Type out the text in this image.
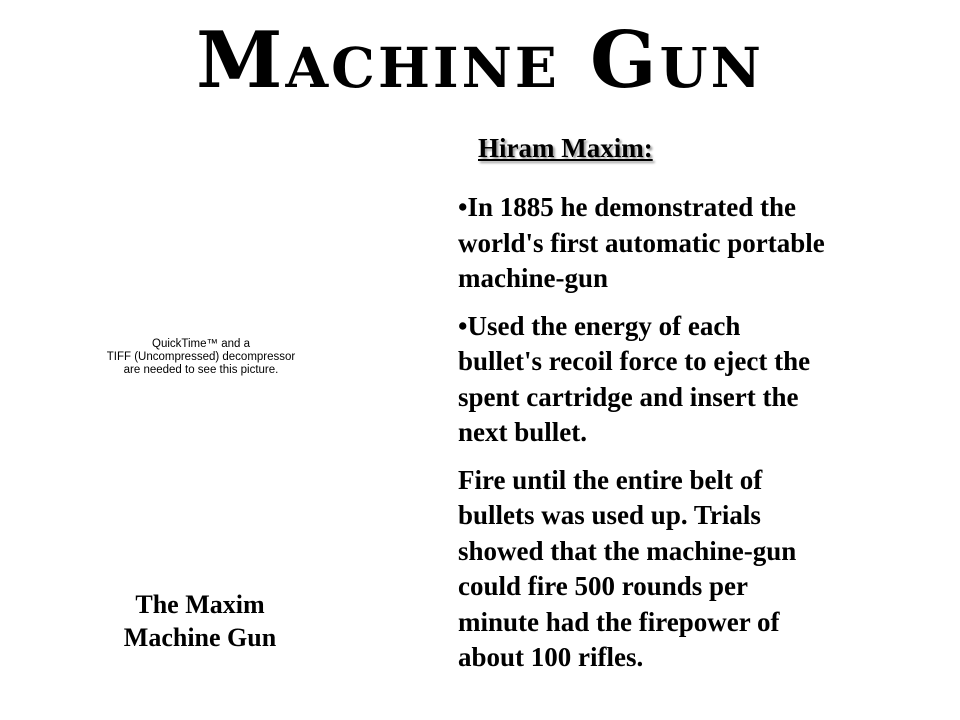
Machine Gun
QuickTime™ and a
TIFF (Uncompressed) decompressor
are needed to see this picture.
The Maxim
Machine Gun
Hiram Maxim:
•In 1885 he demonstrated the
world's first automatic portable
machine-gun
•Used the energy of each
bullet's recoil force to eject the
spent cartridge and insert the
next bullet.
Fire until the entire belt of
bullets was used up. Trials
showed that the machine-gun
could fire 500 rounds per
minute had the firepower of
about 100 rifles.
